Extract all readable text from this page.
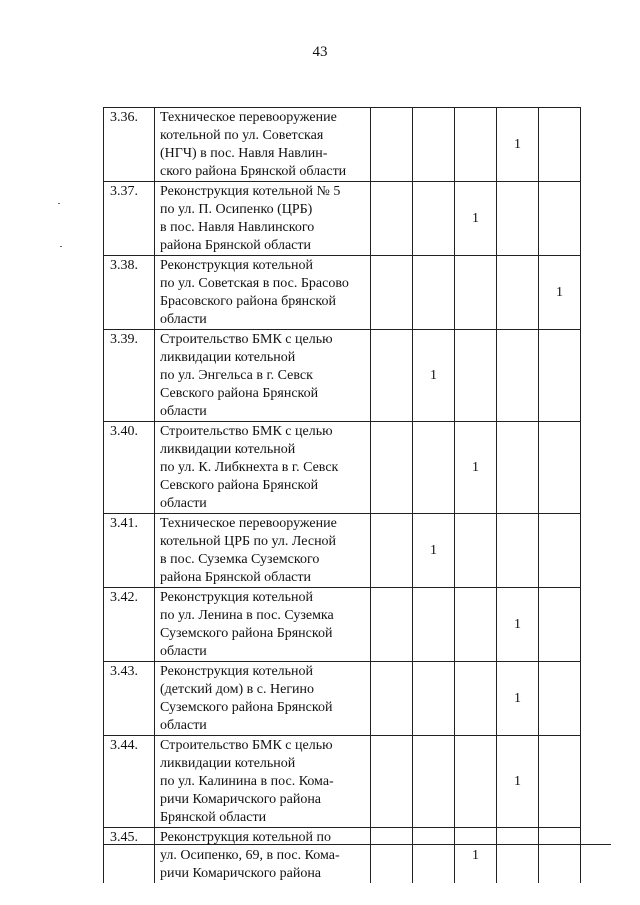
43
3.36.	Техническое перевооружение
котельной по ул. Советская
(НГЧ) в пос. Навля Навлин-
ского района Брянской области				1	
3.37.	Реконструкция котельной № 5
по ул. П. Осипенко (ЦРБ)
в пос. Навля Навлинского
района Брянской области			1		
3.38.	Реконструкция котельной
по ул. Советская в пос. Брасово
Брасовского района брянской
области					1
3.39.	Строительство БМК с целью
ликвидации котельной
по ул. Энгельса в г. Севск
Севского района Брянской
области		1			
3.40.	Строительство БМК с целью
ликвидации котельной
по ул. К. Либкнехта в г. Севск
Севского района Брянской
области			1		
3.41.	Техническое перевооружение
котельной ЦРБ по ул. Лесной
в пос. Суземка Суземского
района Брянской области		1			
3.42.	Реконструкция котельной
по ул. Ленина в пос. Суземка
Суземского района Брянской
области				1	
3.43.	Реконструкция котельной
(детский дом) в с. Негино
Суземского района Брянской
области				1	
3.44.	Строительство БМК с целью
ликвидации котельной
по ул. Калинина в пос. Кома-
ричи Комаричского района
Брянской области				1	
3.45.	Реконструкция котельной по
ул. Осипенко, 69, в пос. Кома-
ричи Комаричского района			1		
